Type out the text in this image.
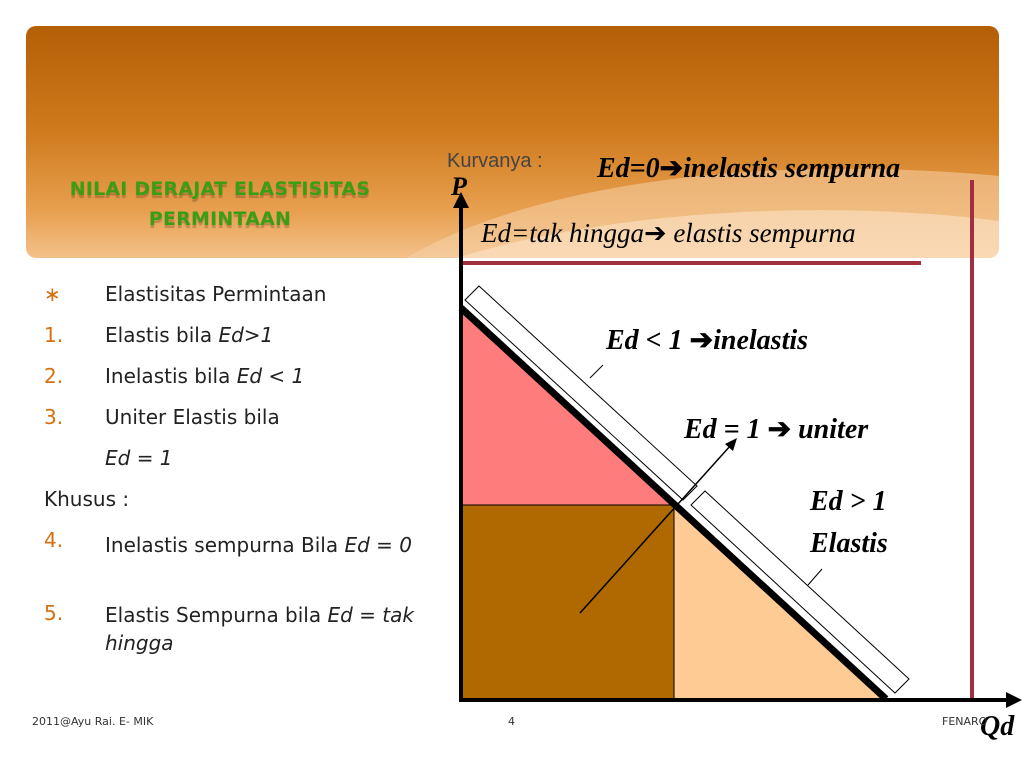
NILAI DERAJAT ELASTISITAS
PERMINTAAN
∗	Elastisitas Permintaan
1.	Elastis bila Ed>1
2.	Inelastis bila Ed < 1
3.	Uniter Elastis bila
Ed = 1
Khusus :
4.	Inelastis sempurna Bila Ed = 0
5.	Elastis Sempurna bila Ed = tak hingga
Kurvanya :
P
Qd
Ed=0➔inelastis sempurna
Ed=tak hingga➔ elastis sempurna
Ed < 1 ➔inelastis
Ed = 1 ➔ uniter
Ed > 1
Elastis
2011@Ayu Rai. E- MIK	4	FENARO
